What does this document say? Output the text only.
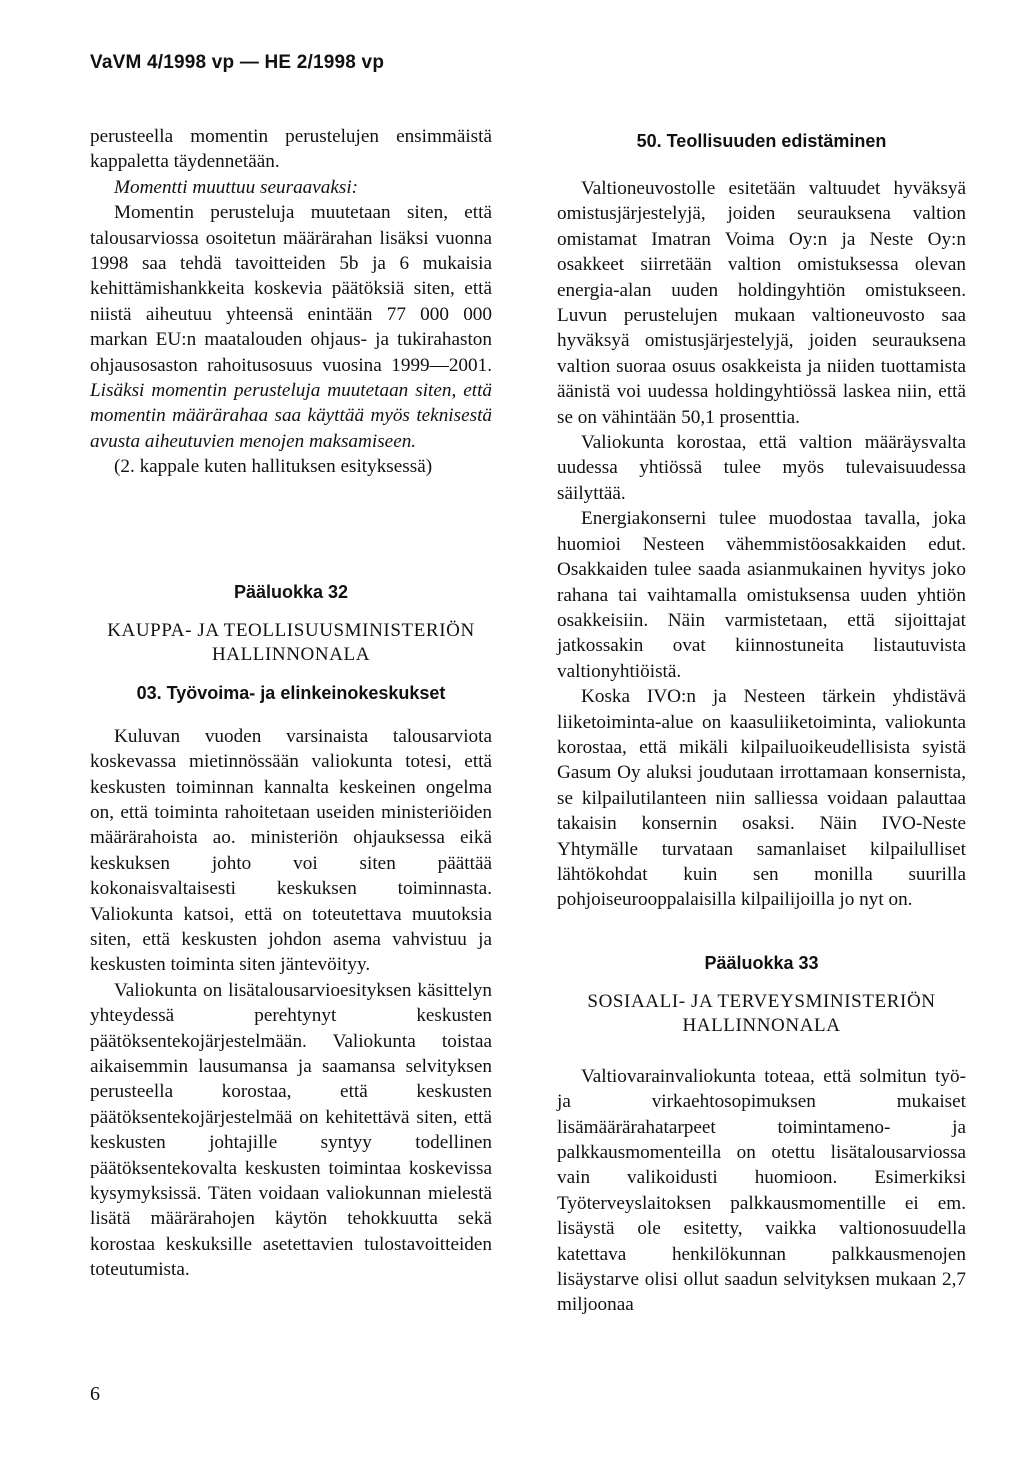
VaVM 4/1998 vp — HE 2/1998 vp

perusteella momentin perustelujen ensimmäistä kappaletta täydennetään.

Momentti muuttuu seuraavaksi:

Momentin perusteluja muutetaan siten, että talousarviossa osoitetun määrärahan lisäksi vuonna 1998 saa tehdä tavoitteiden 5b ja 6 mukaisia kehittämishankkeita koskevia päätöksiä siten, että niistä aiheutuu yhteensä enintään 77 000 000 markan EU:n maatalouden ohjaus- ja tukirahaston ohjausosaston rahoitusosuus vuosina 1999—2001. Lisäksi momentin perusteluja muutetaan siten, että momentin määrärahaa saa käyttää myös teknisestä avusta aiheutuvien menojen maksamiseen.

(2. kappale kuten hallituksen esityksessä)

Pääluokka 32
KAUPPA- JA TEOLLISUUSMINISTERIÖN
HALLINNONALA
03. Työvoima- ja elinkeinokeskukset

Kuluvan vuoden varsinaista talousarviota koskevassa mietinnössään valiokunta totesi, että keskusten toiminnan kannalta keskeinen ongelma on, että toiminta rahoitetaan useiden ministeriöiden määrärahoista ao. ministeriön ohjauksessa eikä keskuksen johto voi siten päättää kokonaisvaltaisesti keskuksen toiminnasta. Valiokunta katsoi, että on toteutettava muutoksia siten, että keskusten johdon asema vahvistuu ja keskusten toiminta siten jäntevöityy.

Valiokunta on lisätalousarvioesityksen käsittelyn yhteydessä perehtynyt keskusten päätöksentekojärjestelmään. Valiokunta toistaa aikaisemmin lausumansa ja saamansa selvityksen perusteella korostaa, että keskusten päätöksentekojärjestelmää on kehitettävä siten, että keskusten johtajille syntyy todellinen päätöksentekovalta keskusten toimintaa koskevissa kysymyksissä. Täten voidaan valiokunnan mielestä lisätä määrärahojen käytön tehokkuutta sekä korostaa keskuksille asetettavien tulostavoitteiden toteutumista.

50. Teollisuuden edistäminen

Valtioneuvostolle esitetään valtuudet hyväksyä omistusjärjestelyjä, joiden seurauksena valtion omistamat Imatran Voima Oy:n ja Neste Oy:n osakkeet siirretään valtion omistuksessa olevan energia-alan uuden holdingyhtiön omistukseen. Luvun perustelujen mukaan valtioneuvosto saa hyväksyä omistusjärjestelyjä, joiden seurauksena valtion suoraa osuus osakkeista ja niiden tuottamista äänistä voi uudessa holdingyhtiössä laskea niin, että se on vähintään 50,1 prosenttia.

Valiokunta korostaa, että valtion määräysvalta uudessa yhtiössä tulee myös tulevaisuudessa säilyttää.

Energiakonserni tulee muodostaa tavalla, joka huomioi Nesteen vähemmistöosakkaiden edut. Osakkaiden tulee saada asianmukainen hyvitys joko rahana tai vaihtamalla omistuksensa uuden yhtiön osakkeisiin. Näin varmistetaan, että sijoittajat jatkossakin ovat kiinnostuneita listautuvista valtionyhtiöistä.

Koska IVO:n ja Nesteen tärkein yhdistävä liiketoiminta-alue on kaasuliiketoiminta, valiokunta korostaa, että mikäli kilpailuoikeudellisista syistä Gasum Oy aluksi joudutaan irrottamaan konsernista, se kilpailutilanteen niin salliessa voidaan palauttaa takaisin konsernin osaksi. Näin IVO-Neste Yhtymälle turvataan samanlaiset kilpailulliset lähtökohdat kuin sen monilla suurilla pohjoiseurooppalaisilla kilpailijoilla jo nyt on.

Pääluokka 33
SOSIAALI- JA TERVEYSMINISTERIÖN
HALLINNONALA

Valtiovarainvaliokunta toteaa, että solmitun työ- ja virkaehtosopimuksen mukaiset lisämäärärahatarpeet toimintameno- ja palkkausmomenteilla on otettu lisätalousarviossa vain valikoidusti huomioon. Esimerkiksi Työterveyslaitoksen palkkausmomentille ei em. lisäystä ole esitetty, vaikka valtionosuudella katettava henkilökunnan palkkausmenojen lisäystarve olisi ollut saadun selvityksen mukaan 2,7 miljoonaa

6
